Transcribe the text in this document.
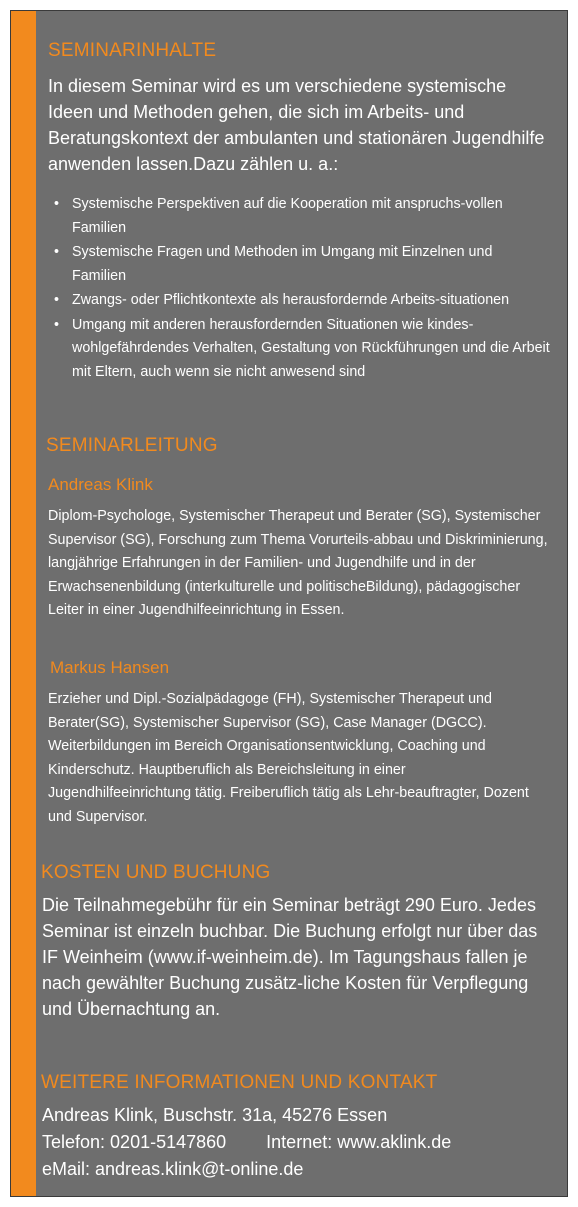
SEMINARINHALTE
In diesem Seminar wird es um verschiedene systemische Ideen und Methoden gehen, die sich im Arbeits- und Beratungskontext der ambulanten und stationären Jugendhilfe anwenden lassen.Dazu zählen u. a.:
• Systemische Perspektiven auf die Kooperation mit anspruchs-vollen Familien
• Systemische Fragen und Methoden im Umgang mit Einzelnen und Familien
• Zwangs- oder Pflichtkontexte als herausfordernde Arbeits-situationen
• Umgang mit anderen herausfordernden Situationen wie kindes-wohlgefährdendes Verhalten, Gestaltung von Rückführungen und die Arbeit mit Eltern, auch wenn sie nicht anwesend sind
SEMINARLEITUNG
Andreas Klink
Diplom-Psychologe, Systemischer Therapeut und Berater (SG), Systemischer Supervisor (SG), Forschung zum Thema Vorurteils-abbau und Diskriminierung, langjährige Erfahrungen in der Familien- und Jugendhilfe und in der Erwachsenenbildung (interkulturelle und politischeBildung), pädagogischer Leiter in einer Jugendhilfeeinrichtung in Essen.
Markus Hansen
Erzieher und Dipl.-Sozialpädagoge (FH), Systemischer Therapeut und Berater(SG), Systemischer Supervisor (SG), Case Manager (DGCC). Weiterbildungen im Bereich Organisationsentwicklung, Coaching und Kinderschutz. Hauptberuflich als Bereichsleitung in einer Jugendhilfeeinrichtung tätig. Freiberuflich tätig als Lehr-beauftragter, Dozent und Supervisor.
KOSTEN UND BUCHUNG
Die Teilnahmegebühr für ein Seminar beträgt 290 Euro. Jedes Seminar ist einzeln buchbar. Die Buchung erfolgt nur über das IF Weinheim (www.if-weinheim.de). Im Tagungshaus fallen je nach gewählter Buchung zusätz-liche Kosten für Verpflegung und Übernachtung an.
WEITERE INFORMATIONEN UND KONTAKT
Andreas Klink, Buschstr. 31a, 45276 Essen
Telefon: 0201-5147860 Internet: www.aklink.de
eMail: andreas.klink@t-online.de
